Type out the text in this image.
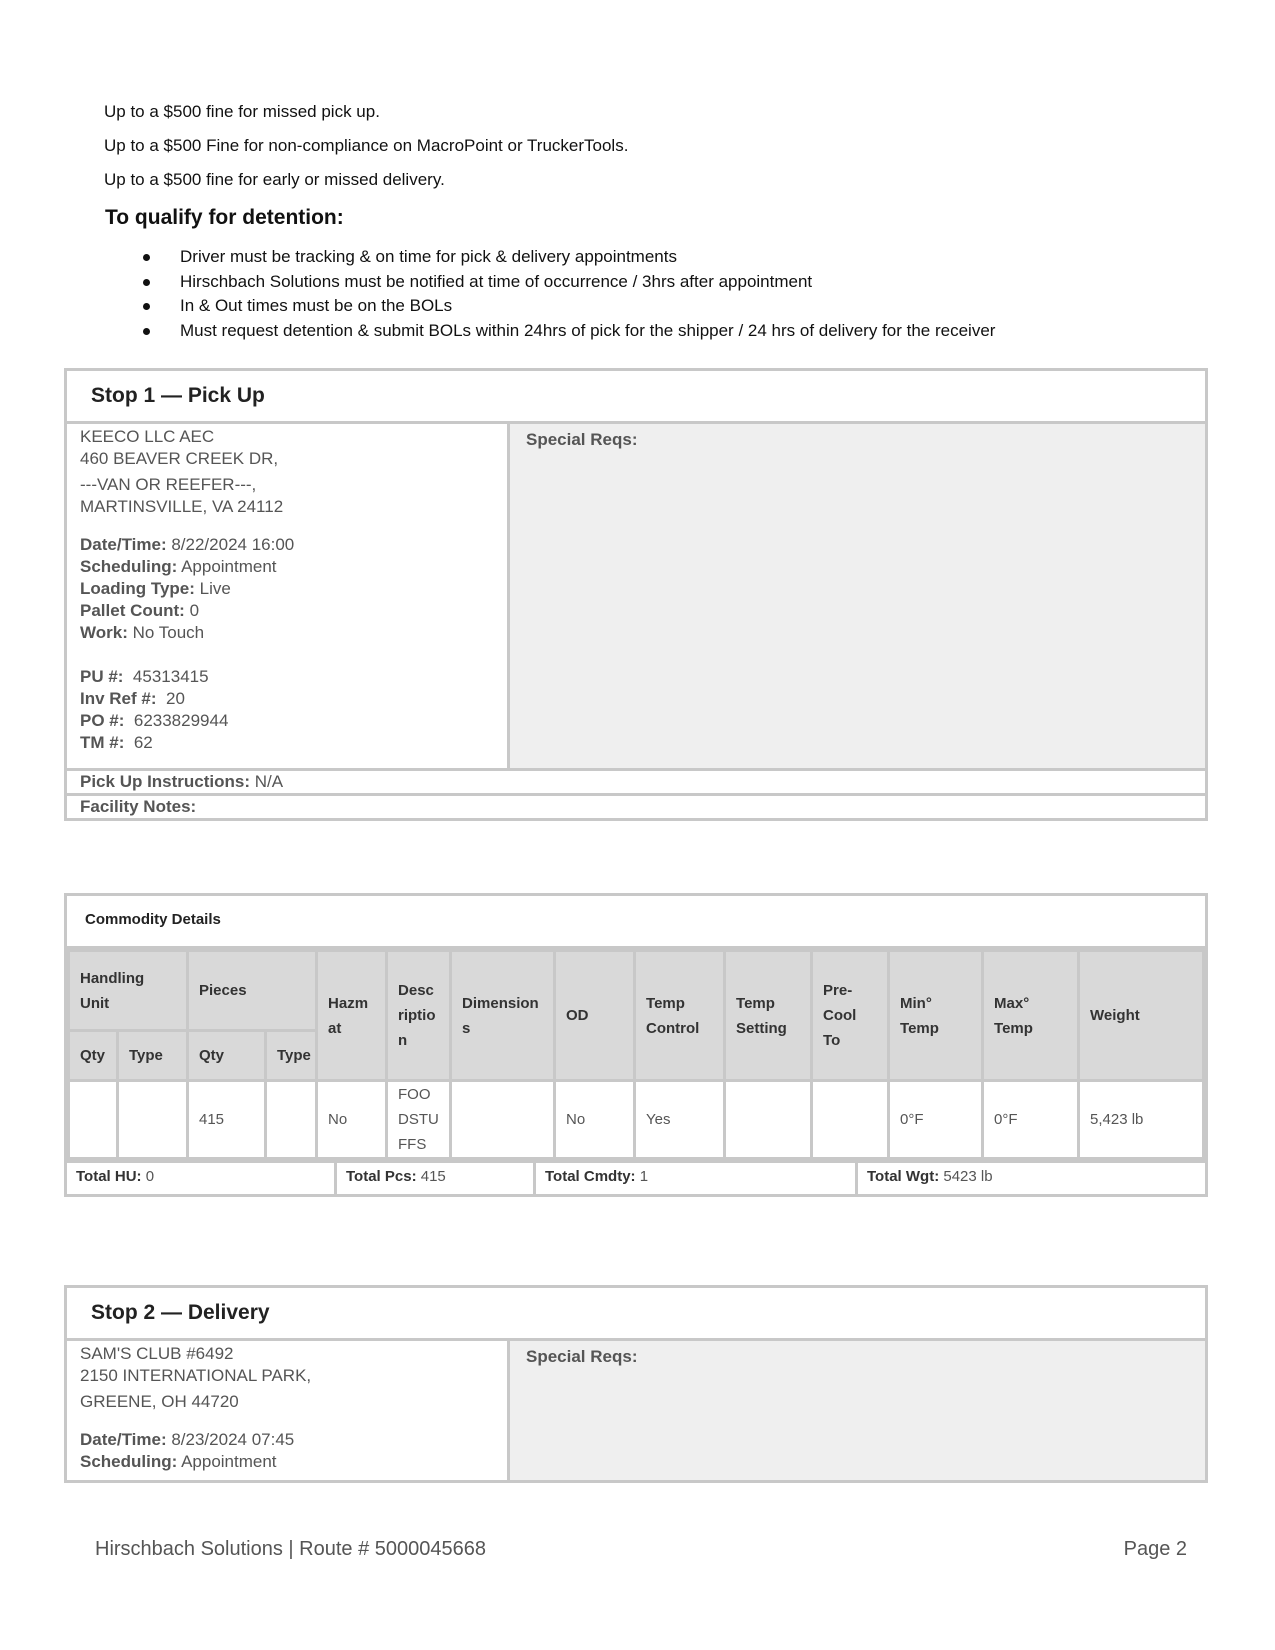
Up to a $500 fine for missed pick up.

Up to a $500 Fine for non-compliance on MacroPoint or TruckerTools.

Up to a $500 fine for early or missed delivery.

To qualify for detention:
Driver must be tracking & on time for pick & delivery appointments
Hirschbach Solutions must be notified at time of occurrence / 3hrs after appointment
In & Out times must be on the BOLs
Must request detention & submit BOLs within 24hrs of pick for the shipper / 24 hrs of delivery for the receiver
Stop 1 — Pick Up
KEECO LLC AEC
460 BEAVER CREEK DR,
---VAN OR REEFER---,
MARTINSVILLE, VA 24112
Date/Time: 8/22/2024 16:00
Scheduling: Appointment
Loading Type: Live
Pallet Count: 0
Work: No Touch
PU #: 45313415
Inv Ref #: 20
PO #: 6233829944
TM #: 62
Special Reqs:
Pick Up Instructions: N/A
Facility Notes:
Commodity Details
Handling Unit		Pieces		Hazm at	Desc riptio n	Dimension s	OD	Temp Control	Temp Setting	Pre-Cool To	Min° Temp	Max° Temp	Weight
Qty	Type	Qty	Type										
		415		No	FOO DSTU FFS		No	Yes			0°F	0°F	5,423 lb
Total HU: 0	Total Pcs: 415	Total Cmdty: 1	Total Wgt: 5423 lb
Stop 2 — Delivery
SAM'S CLUB #6492
2150 INTERNATIONAL PARK,
GREENE, OH 44720
Date/Time: 8/23/2024 07:45
Scheduling: Appointment
Special Reqs:
Hirschbach Solutions | Route # 5000045668	Page 2
